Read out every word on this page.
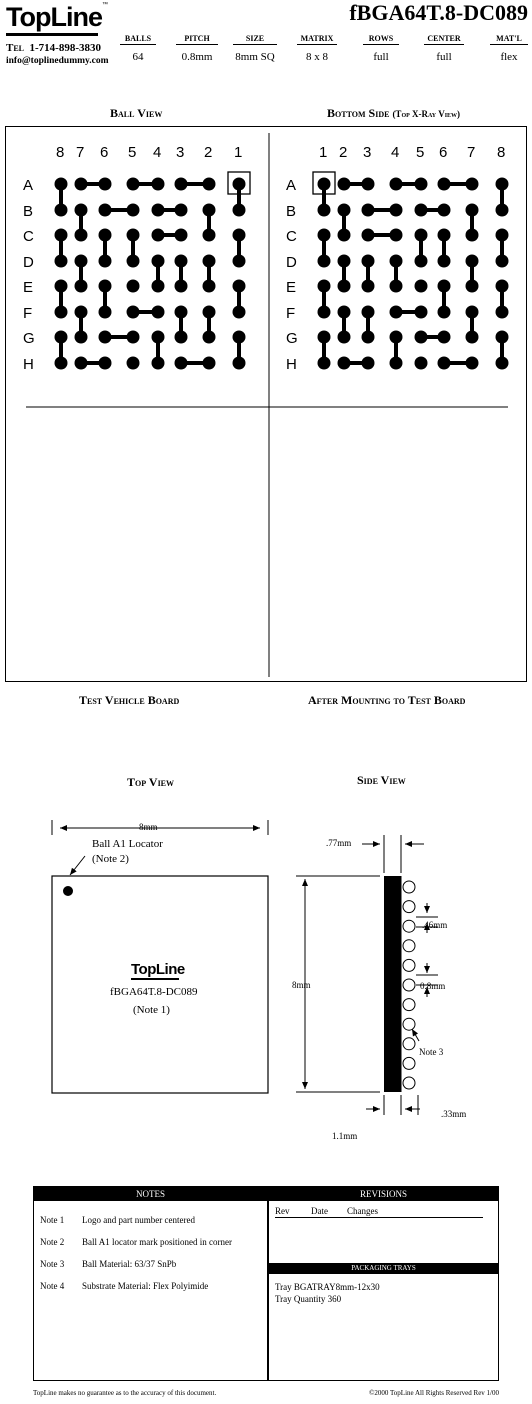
TopLine™	fBGA64T.8-DC089
Tel 1-714-898-3830
info@toplinedummy.com
BALLS
64
PITCH
0.8mm
SIZE
8mm SQ
MATRIX
8 x 8
ROWS
full
CENTER
full
MAT'L
flex
Ball View	Bottom Side (Top X-Ray View)
8 7 6 5 4 3 2 1
A
B
C
D
E
F
G
H
1 2 3 4 5 6 7 8
A
B
C
D
E
F
G
H
Test Vehicle Board	After Mounting to Test Board
Top View	Side View
8mm
Ball A1 Locator
(Note 2)
TopLine
fBGA64T.8-DC089
(Note 1)
.77mm
8mm
.46mm
0.8mm
Note 3
1.1mm
.33mm
NOTES
Note 1 Logo and part number centered
Note 2 Ball A1 locator mark positioned in corner
Note 3 Ball Material: 63/37 SnPb
Note 4 Substrate Material: Flex Polyimide
REVISIONS
Rev Date Changes
PACKAGING TRAYS
Tray BGATRAY8mm-12x30
Tray Quantity 360
TopLine makes no guarantee as to the accuracy of this document.	©2000 TopLine All Rights Reserved Rev 1/00
